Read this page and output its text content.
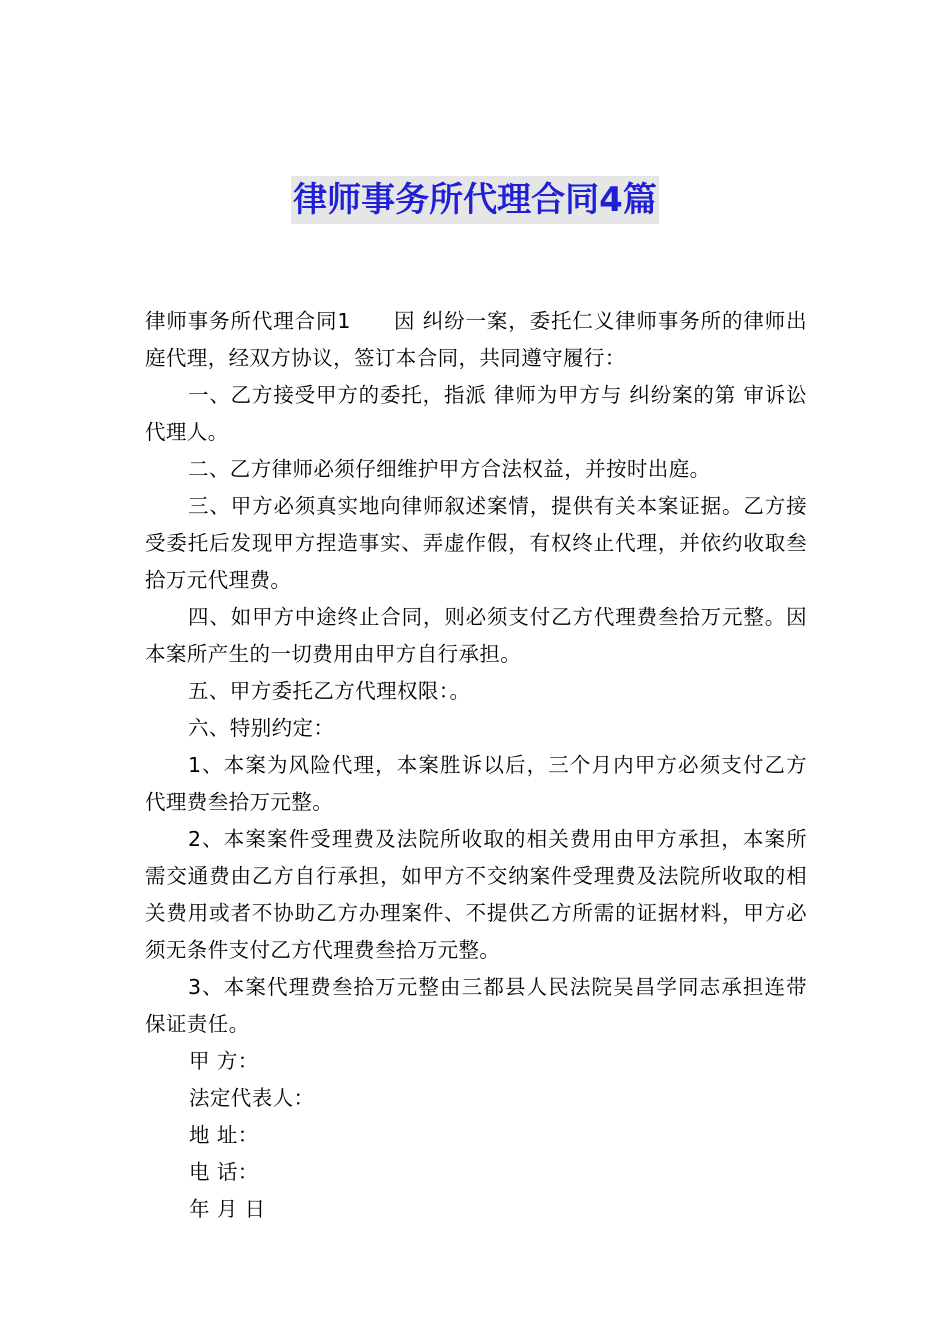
律师事务所代理合同4篇

律师事务所代理合同1　　因 纠纷一案，委托仁义律师事务所的律师出庭代理，经双方协议，签订本合同，共同遵守履行：

一、乙方接受甲方的委托，指派 律师为甲方与 纠纷案的第 审诉讼代理人。

二、乙方律师必须仔细维护甲方合法权益，并按时出庭。

三、甲方必须真实地向律师叙述案情，提供有关本案证据。乙方接受委托后发现甲方捏造事实、弄虚作假，有权终止代理，并依约收取叁拾万元代理费。

四、如甲方中途终止合同，则必须支付乙方代理费叁拾万元整。因本案所产生的一切费用由甲方自行承担。

五、甲方委托乙方代理权限：。

六、特别约定：

1、本案为风险代理，本案胜诉以后，三个月内甲方必须支付乙方代理费叁拾万元整。

2、本案案件受理费及法院所收取的相关费用由甲方承担，本案所需交通费由乙方自行承担，如甲方不交纳案件受理费及法院所收取的相关费用或者不协助乙方办理案件、不提供乙方所需的证据材料，甲方必须无条件支付乙方代理费叁拾万元整。

3、本案代理费叁拾万元整由三都县人民法院吴昌学同志承担连带保证责任。

甲 方：

法定代表人：

地 址：

电 话：

年 月 日
